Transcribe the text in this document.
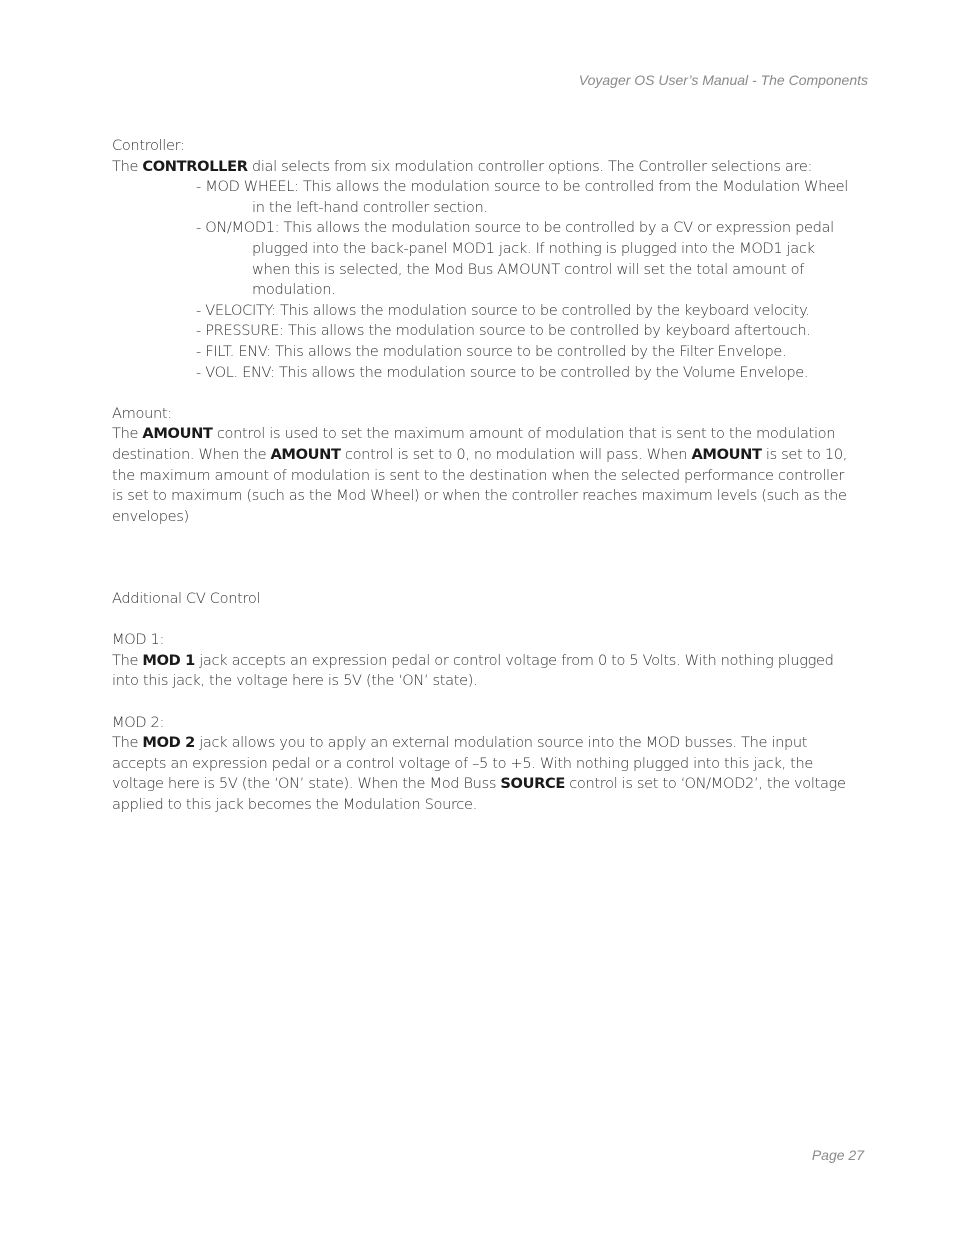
Voyager OS User’s Manual - The Components

Controller:

The CONTROLLER dial selects from six modulation controller options. The Controller selections are:

- MOD WHEEL: This allows the modulation source to be controlled from the Modulation Wheel in the left-hand controller section.

- ON/MOD1: This allows the modulation source to be controlled by a CV or expression pedal plugged into the back-panel MOD1 jack. If nothing is plugged into the MOD1 jack when this is selected, the Mod Bus AMOUNT control will set the total amount of modulation.

- VELOCITY: This allows the modulation source to be controlled by the keyboard velocity.

- PRESSURE: This allows the modulation source to be controlled by keyboard aftertouch.

- FILT. ENV: This allows the modulation source to be controlled by the Filter Envelope.

- VOL. ENV: This allows the modulation source to be controlled by the Volume Envelope.

Amount:

The AMOUNT control is used to set the maximum amount of modulation that is sent to the modulation destination. When the AMOUNT control is set to 0, no modulation will pass. When AMOUNT is set to 10, the maximum amount of modulation is sent to the destination when the selected performance controller is set to maximum (such as the Mod Wheel) or when the controller reaches maximum levels (such as the envelopes)

Additional CV Control

MOD 1:

The MOD 1 jack accepts an expression pedal or control voltage from 0 to 5 Volts. With nothing plugged into this jack, the voltage here is 5V (the ‘ON’ state).

MOD 2:

The MOD 2 jack allows you to apply an external modulation source into the MOD busses. The input accepts an expression pedal or a control voltage of –5 to +5. With nothing plugged into this jack, the voltage here is 5V (the ‘ON’ state). When the Mod Buss SOURCE control is set to ‘ON/MOD2’, the voltage applied to this jack becomes the Modulation Source.

Page 27
